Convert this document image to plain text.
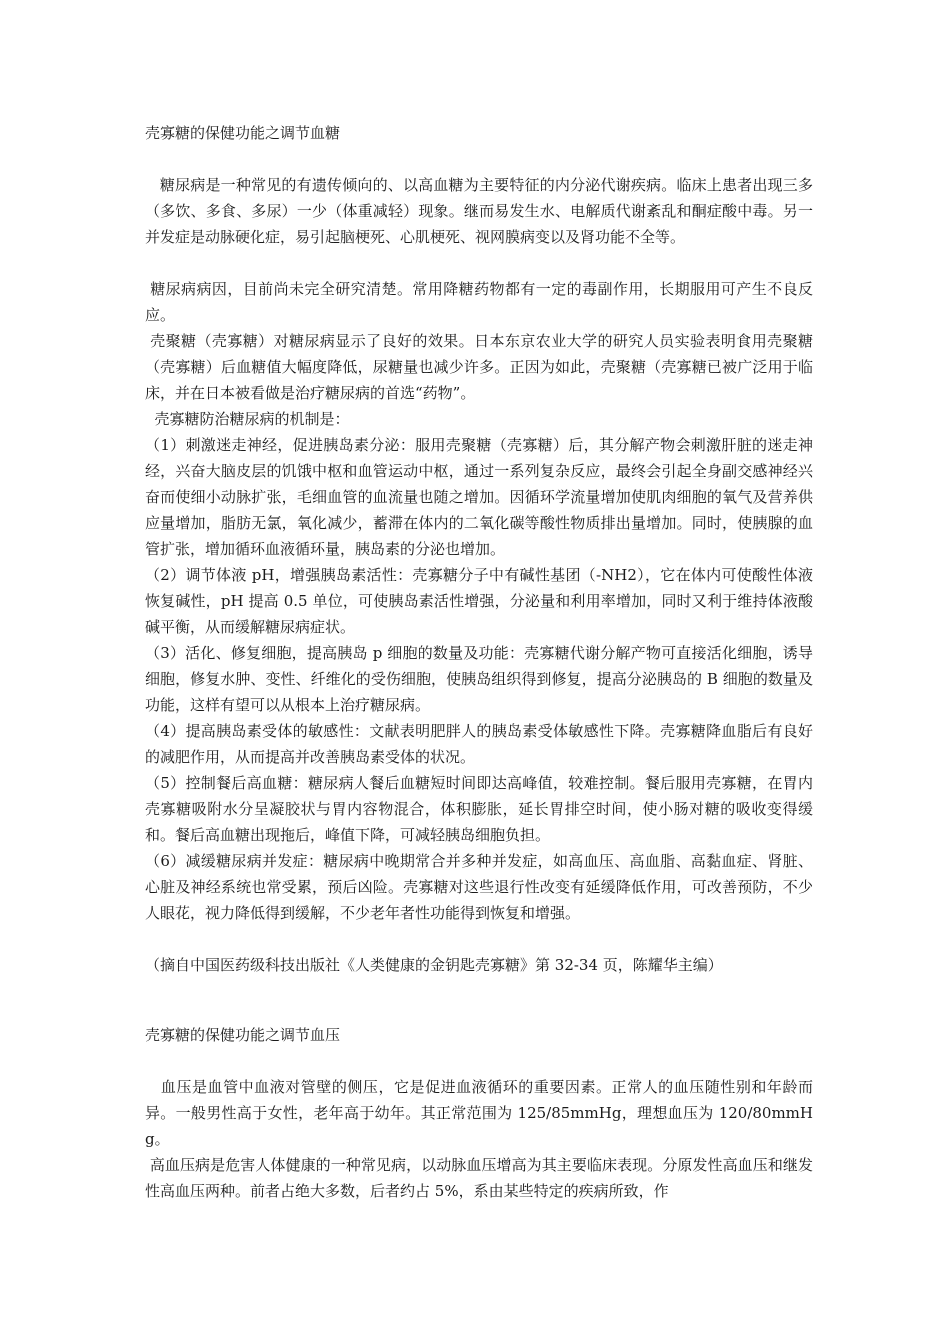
壳寡糖的保健功能之调节血糖

糖尿病是一种常见的有遗传倾向的、以高血糖为主要特征的内分泌代谢疾病。临床上患者出现三多（多饮、多食、多尿）一少（体重减轻）现象。继而易发生水、电解质代谢紊乱和酮症酸中毒。另一并发症是动脉硬化症，易引起脑梗死、心肌梗死、视网膜病变以及肾功能不全等。

糖尿病病因，目前尚未完全研究清楚。常用降糖药物都有一定的毒副作用，长期服用可产生不良反应。

壳聚糖（壳寡糖）对糖尿病显示了良好的效果。日本东京农业大学的研究人员实验表明食用壳聚糖（壳寡糖）后血糖值大幅度降低，尿糖量也减少许多。正因为如此，壳聚糖（壳寡糖已被广泛用于临床，并在日本被看做是治疗糖尿病的首选“药物”。

壳寡糖防治糖尿病的机制是：

（1）刺激迷走神经，促进胰岛素分泌：服用壳聚糖（壳寡糖）后，其分解产物会刺激肝脏的迷走神经，兴奋大脑皮层的饥饿中枢和血管运动中枢，通过一系列复杂反应，最终会引起全身副交感神经兴奋而使细小动脉扩张，毛细血管的血流量也随之增加。因循环学流量增加使肌肉细胞的氧气及营养供应量增加，脂肪无氯，氧化减少，蓄滞在体内的二氧化碳等酸性物质排出量增加。同时，使胰腺的血管扩张，增加循环血液循环量，胰岛素的分泌也增加。

（2）调节体液 pH，增强胰岛素活性：壳寡糖分子中有碱性基团（-NH2），它在体内可使酸性体液恢复碱性，pH 提高 0.5 单位，可使胰岛素活性增强，分泌量和利用率增加，同时又利于维持体液酸碱平衡，从而缓解糖尿病症状。

（3）活化、修复细胞，提高胰岛 p 细胞的数量及功能：壳寡糖代谢分解产物可直接活化细胞，诱导细胞，修复水肿、变性、纤维化的受伤细胞，使胰岛组织得到修复，提高分泌胰岛的 B 细胞的数量及功能，这样有望可以从根本上治疗糖尿病。

（4）提高胰岛素受体的敏感性：文献表明肥胖人的胰岛素受体敏感性下降。壳寡糖降血脂后有良好的减肥作用，从而提高并改善胰岛素受体的状况。

（5）控制餐后高血糖：糖尿病人餐后血糖短时间即达高峰值，较难控制。餐后服用壳寡糖，在胃内壳寡糖吸附水分呈凝胶状与胃内容物混合，体积膨胀，延长胃排空时间，使小肠对糖的吸收变得缓和。餐后高血糖出现拖后，峰值下降，可减轻胰岛细胞负担。

（6）减缓糖尿病并发症：糖尿病中晚期常合并多种并发症，如高血压、高血脂、高黏血症、肾脏、心脏及神经系统也常受累，预后凶险。壳寡糖对这些退行性改变有延缓降低作用，可改善预防，不少人眼花，视力降低得到缓解，不少老年者性功能得到恢复和增强。

（摘自中国医药级科技出版社《人类健康的金钥匙壳寡糖》第 32-34 页，陈耀华主编）

壳寡糖的保健功能之调节血压

血压是血管中血液对管壁的侧压，它是促进血液循环的重要因素。正常人的血压随性别和年龄而异。一般男性高于女性，老年高于幼年。其正常范围为 125/85mmHg，理想血压为 120/80mmHg。

高血压病是危害人体健康的一种常见病，以动脉血压增高为其主要临床表现。分原发性高血压和继发性高血压两种。前者占绝大多数，后者约占 5%，系由某些特定的疾病所致，作
